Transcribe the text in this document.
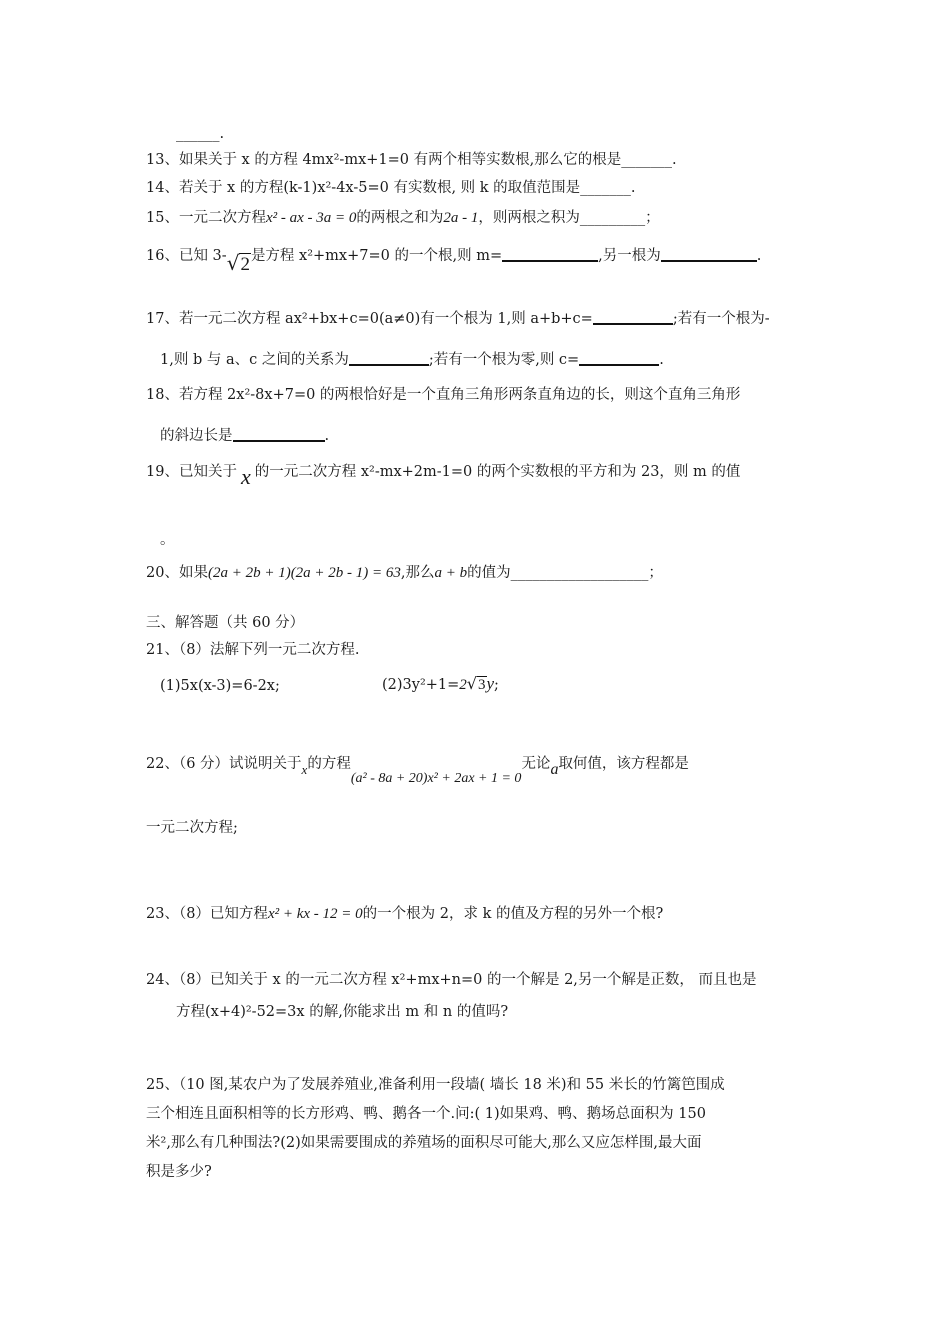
______.
13、如果关于 x 的方程 4mx²-mx+1=0 有两个相等实数根,那么它的根是_______.
14、若关于 x 的方程(k-1)x²-4x-5=0 有实数根, 则 k 的取值范围是_______.
15、一元二次方程x² - ax - 3a = 0的两根之和为2a - 1，则两根之积为_________；
16、已知 3-√2是方程 x²+mx+7=0 的一个根,则 m=	,另一根为	.
17、若一元二次方程 ax²+bx+c=0(a≠0)有一个根为 1,则 a+b+c=	;若有一个根为-
1,则 b 与 a、c 之间的关系为	;若有一个根为零,则 c=	.
18、若方程 2x²-8x+7=0 的两根恰好是一个直角三角形两条直角边的长，则这个直角三角形
的斜边长是	.
19、已知关于 x 的一元二次方程 x²-mx+2m-1=0 的两个实数根的平方和为 23，则 m 的值
。
20、如果(2a + 2b + 1)(2a + 2b - 1) = 63,那么a + b的值为___________________；
三、解答题（共 60 分）
21、（8）法解下列一元二次方程.
(1)5x(x-3)=6-2x;	(2)3y²+1=2√3y;
22、（6 分）试说明关于x的方程(a² - 8a + 20)x² + 2ax + 1 = 0无论a取何值，该方程都是
一元二次方程;
23、（8）已知方程x² + kx - 12 = 0的一个根为 2，求 k 的值及方程的另外一个根?
24、（8）已知关于 x 的一元二次方程 x²+mx+n=0 的一个解是 2,另一个解是正数， 而且也是
方程(x+4)²-52=3x 的解,你能求出 m 和 n 的值吗?
25、（10 图,某农户为了发展养殖业,准备利用一段墙( 墙长 18 米)和 55 米长的竹篱笆围成
三个相连且面积相等的长方形鸡、鸭、鹅各一个.问:( 1)如果鸡、鸭、鹅场总面积为 150
米²,那么有几种围法?(2)如果需要围成的养殖场的面积尽可能大,那么又应怎样围,最大面
积是多少?
